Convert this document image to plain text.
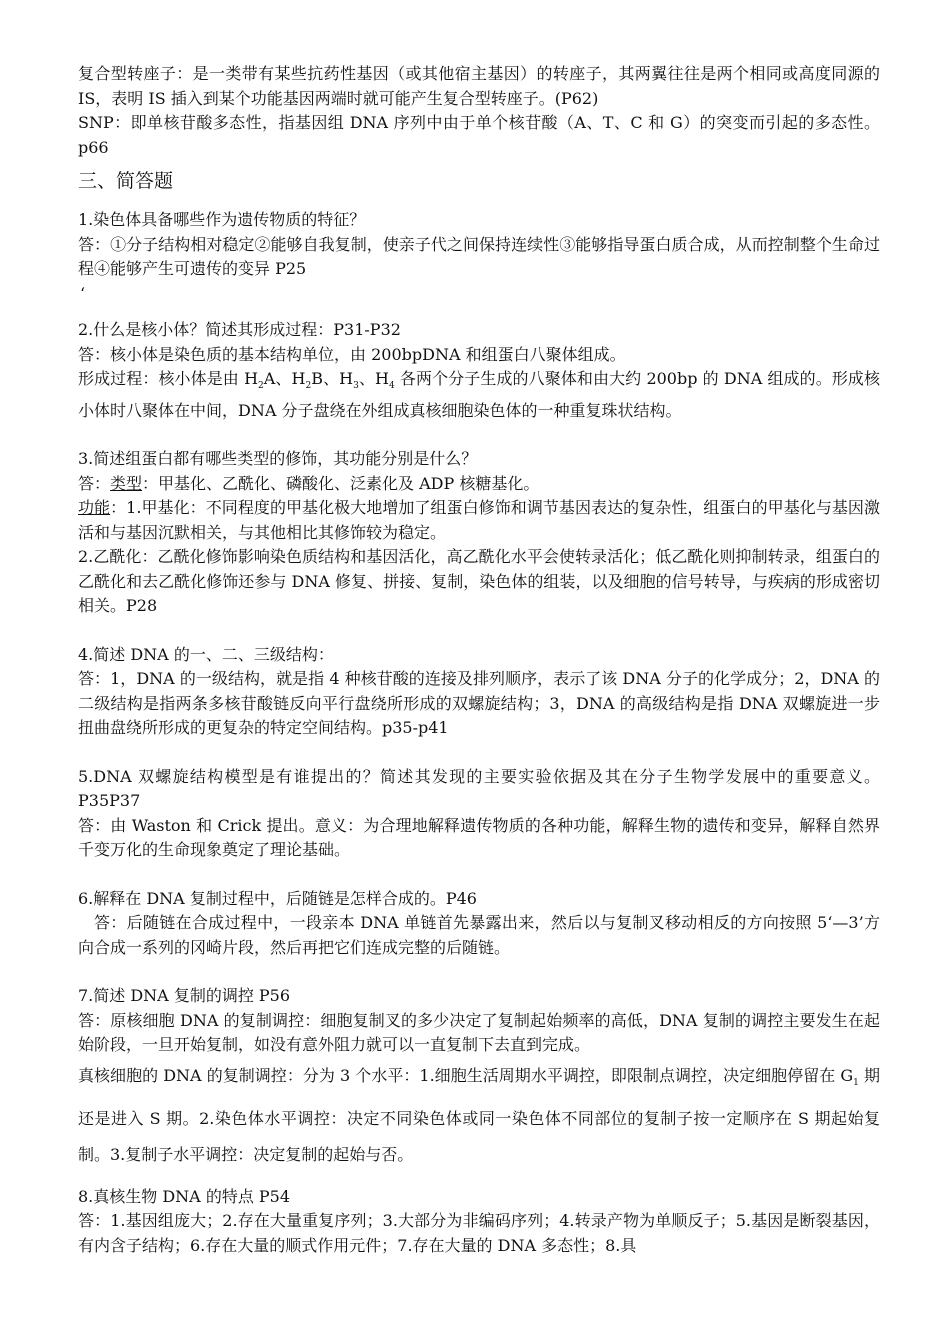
复合型转座子：是一类带有某些抗药性基因（或其他宿主基因）的转座子，其两翼往往是两个相同或高度同源的 IS，表明 IS 插入到某个功能基因两端时就可能产生复合型转座子。(P62)

SNP：即单核苷酸多态性，指基因组 DNA 序列中由于单个核苷酸（A、T、C 和 G）的突变而引起的多态性。p66

三、简答题

1.染色体具备哪些作为遗传物质的特征？

答：①分子结构相对稳定②能够自我复制，使亲子代之间保持连续性③能够指导蛋白质合成，从而控制整个生命过程④能够产生可遗传的变异 P25

‘

2.什么是核小体？简述其形成过程：P31-P32

答：核小体是染色质的基本结构单位，由 200bpDNA 和组蛋白八聚体组成。

形成过程：核小体是由 $H_2A$、$H_2B$、$H_3$、$H_4$ 各两个分子生成的八聚体和由大约 200bp 的 DNA 组成的。形成核小体时八聚体在中间，DNA 分子盘绕在外组成真核细胞染色体的一种重复珠状结构。

3.简述组蛋白都有哪些类型的修饰，其功能分别是什么？

答：类型：甲基化、乙酰化、磷酸化、泛素化及 ADP 核糖基化。

功能：1.甲基化：不同程度的甲基化极大地增加了组蛋白修饰和调节基因表达的复杂性，组蛋白的甲基化与基因激活和与基因沉默相关，与其他相比其修饰较为稳定。

2.乙酰化：乙酰化修饰影响染色质结构和基因活化，高乙酰化水平会使转录活化；低乙酰化则抑制转录，组蛋白的乙酰化和去乙酰化修饰还参与 DNA 修复、拼接、复制，染色体的组装，以及细胞的信号转导，与疾病的形成密切相关。P28

4.简述 DNA 的一、二、三级结构：

答：1，DNA 的一级结构，就是指 4 种核苷酸的连接及排列顺序，表示了该 DNA 分子的化学成分；2，DNA 的二级结构是指两条多核苷酸链反向平行盘绕所形成的双螺旋结构；3，DNA 的高级结构是指 DNA 双螺旋进一步扭曲盘绕所形成的更复杂的特定空间结构。p35-p41

5.DNA 双螺旋结构模型是有谁提出的？简述其发现的主要实验依据及其在分子生物学发展中的重要意义。P35P37

答：由 Waston 和 Crick 提出。意义：为合理地解释遗传物质的各种功能，解释生物的遗传和变异，解释自然界千变万化的生命现象奠定了理论基础。

6.解释在 DNA 复制过程中，后随链是怎样合成的。P46

答：后随链在合成过程中，一段亲本 DNA 单链首先暴露出来，然后以与复制叉移动相反的方向按照 5‘—3’方向合成一系列的冈崎片段，然后再把它们连成完整的后随链。

7.简述 DNA 复制的调控 P56

答：原核细胞 DNA 的复制调控：细胞复制叉的多少决定了复制起始频率的高低，DNA 复制的调控主要发生在起始阶段，一旦开始复制，如没有意外阻力就可以一直复制下去直到完成。

真核细胞的 DNA 的复制调控：分为 3 个水平：1.细胞生活周期水平调控，即限制点调控，决定细胞停留在 $G_1$ 期还是进入 S 期。2.染色体水平调控：决定不同染色体或同一染色体不同部位的复制子按一定顺序在 S 期起始复制。3.复制子水平调控：决定复制的起始与否。

8.真核生物 DNA 的特点 P54

答：1.基因组庞大；2.存在大量重复序列；3.大部分为非编码序列；4.转录产物为单顺反子；5.基因是断裂基因，有内含子结构；6.存在大量的顺式作用元件；7.存在大量的 DNA 多态性；8.具
